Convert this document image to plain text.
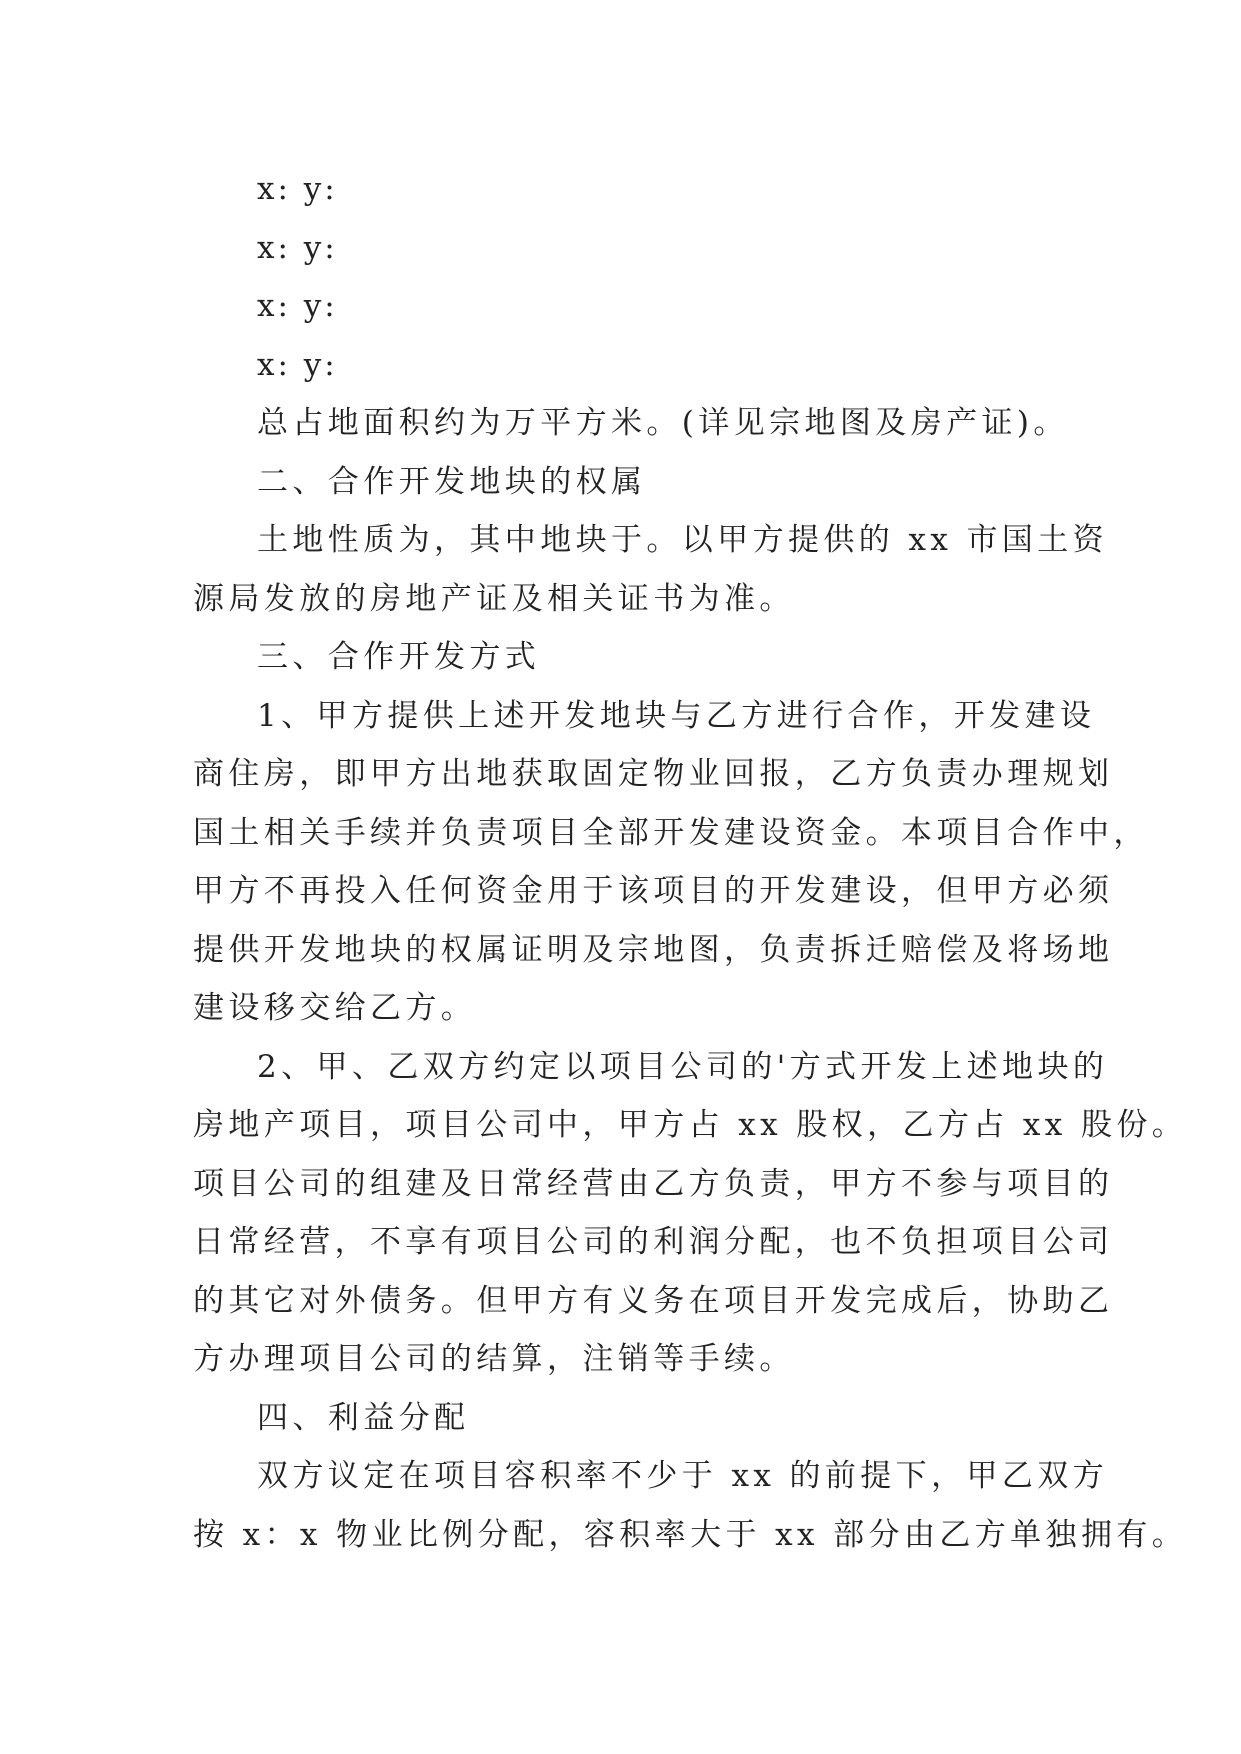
x: y:
x: y:
x: y:
x: y:
总占地面积约为万平方米。(详见宗地图及房产证)。
二、合作开发地块的权属
土地性质为，其中地块于。以甲方提供的 xx 市国土资
源局发放的房地产证及相关证书为准。
三、合作开发方式
1、甲方提供上述开发地块与乙方进行合作，开发建设
商住房，即甲方出地获取固定物业回报，乙方负责办理规划
国土相关手续并负责项目全部开发建设资金。本项目合作中，
甲方不再投入任何资金用于该项目的开发建设，但甲方必须
提供开发地块的权属证明及宗地图，负责拆迁赔偿及将场地
建设移交给乙方。
2、甲、乙双方约定以项目公司的'方式开发上述地块的
房地产项目，项目公司中，甲方占 xx 股权，乙方占 xx 股份。
项目公司的组建及日常经营由乙方负责，甲方不参与项目的
日常经营，不享有项目公司的利润分配，也不负担项目公司
的其它对外债务。但甲方有义务在项目开发完成后，协助乙
方办理项目公司的结算，注销等手续。
四、利益分配
双方议定在项目容积率不少于 xx 的前提下，甲乙双方
按 x：x 物业比例分配，容积率大于 xx 部分由乙方单独拥有。
